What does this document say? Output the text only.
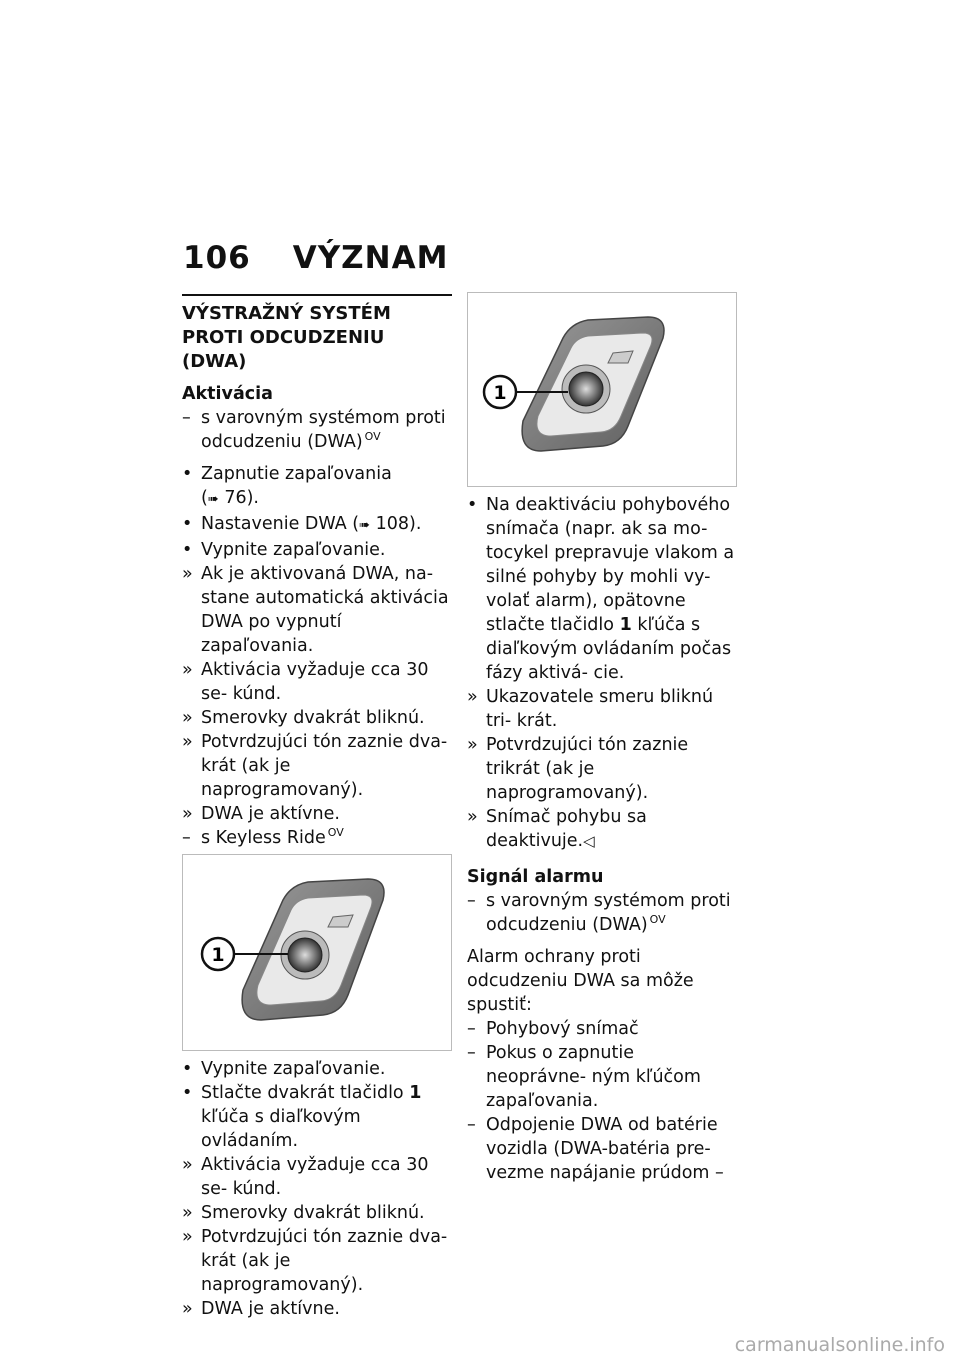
106 VÝZNAM
VÝSTRAŽNÝ SYSTÉM PROTI ODCUDZENIU (DWA)
Aktivácia
– s varovným systémom proti odcudzeniu (DWA) $^{OV}$
• Zapnutie zapaľovania (➠ 76).
• Nastavenie DWA (➠ 108).
• Vypnite zapaľovanie.
» Ak je aktivovaná DWA, na- stane automatická aktivácia DWA po vypnutí zapaľovania.
» Aktivácia vyžaduje cca 30 se- kúnd.
» Smerovky dvakrát bliknú.
» Potvrdzujúci tón zaznie dva- krát (ak je naprogramovaný).
» DWA je aktívne.
– s Keyless Ride $^{OV}$
1
• Vypnite zapaľovanie.
• Stlačte dvakrát tlačidlo 1 kľúča s diaľkovým ovládaním.
» Aktivácia vyžaduje cca 30 se- kúnd.
» Smerovky dvakrát bliknú.
» Potvrdzujúci tón zaznie dva- krát (ak je naprogramovaný).
» DWA je aktívne.
1
• Na deaktiváciu pohybového snímača (napr. ak sa mo- tocykel prepravuje vlakom a silné pohyby by mohli vy- volať alarm), opätovne stlačte tlačidlo 1 kľúča s diaľkovým ovládaním počas fázy aktivá- cie.
» Ukazovatele smeru bliknú tri- krát.
» Potvrdzujúci tón zaznie trikrát (ak je naprogramovaný).
» Snímač pohybu sa deaktivuje.◁
Signál alarmu
– s varovným systémom proti odcudzeniu (DWA) $^{OV}$
Alarm ochrany proti odcudzeniu DWA sa môže spustiť:
– Pohybový snímač
– Pokus o zapnutie neoprávne- ným kľúčom zapaľovania.
– Odpojenie DWA od batérie vozidla (DWA-batéria pre- vezme napájanie prúdom –
carmanualsonline.info
